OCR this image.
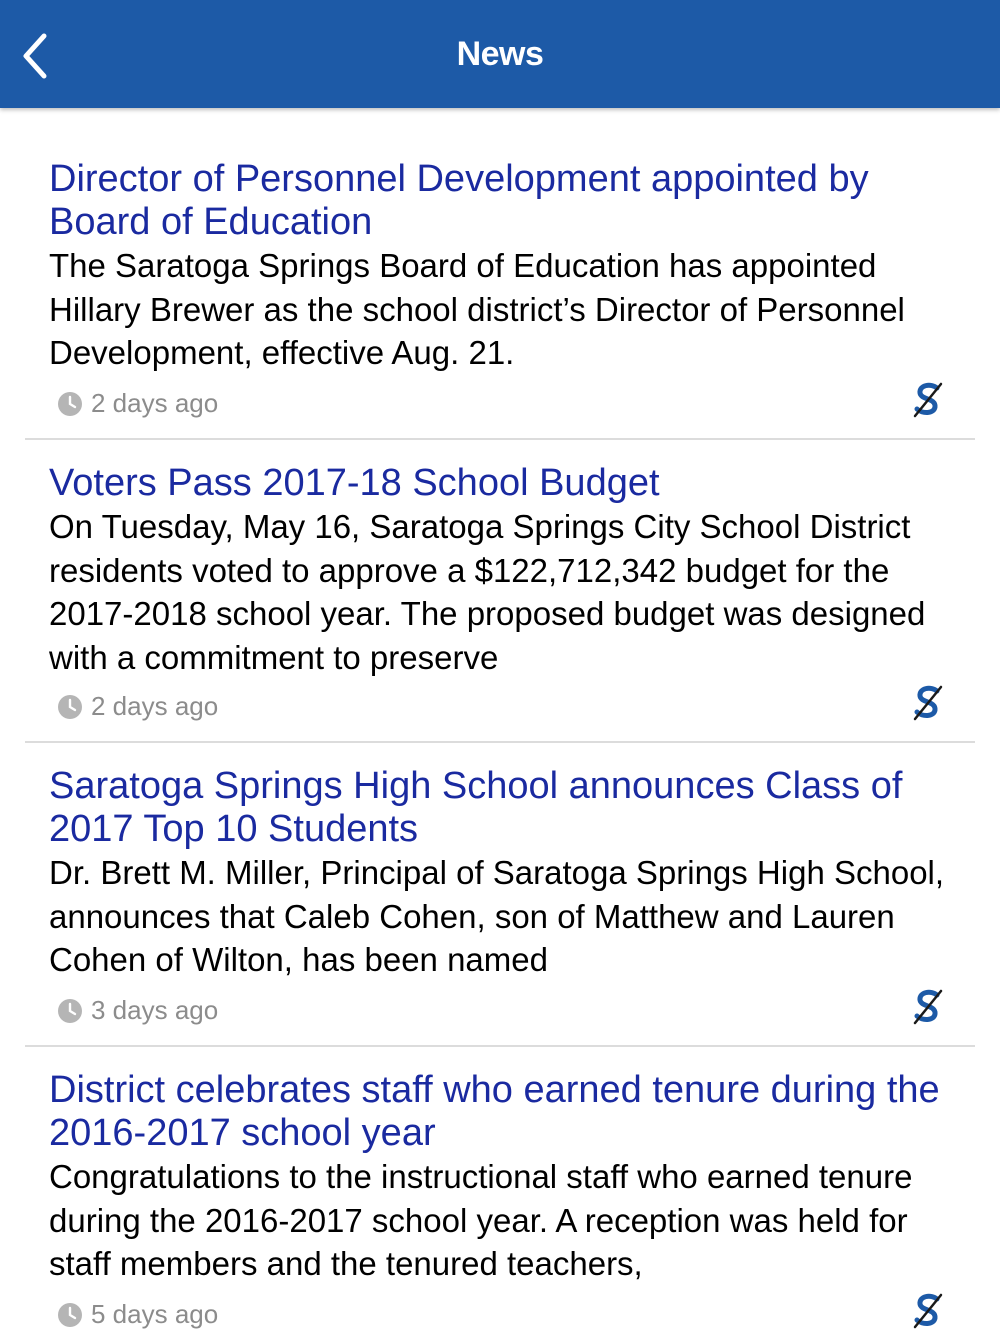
News
Director of Personnel Development appointed by Board of Education
The Saratoga Springs Board of Education has appointed Hillary Brewer as the school district’s Director of Personnel Development, effective Aug. 21.
2 days ago
Voters Pass 2017-18 School Budget
On Tuesday, May 16, Saratoga Springs City School District residents voted to approve a $122,712,342 budget for the 2017-2018 school year. The proposed budget was designed with a commitment to preserve
2 days ago
Saratoga Springs High School announces Class of 2017 Top 10 Students
Dr. Brett M. Miller, Principal of Saratoga Springs High School, announces that Caleb Cohen, son of Matthew and Lauren Cohen of Wilton, has been named
3 days ago
District celebrates staff who earned tenure during the 2016-2017 school year
Congratulations to the instructional staff who earned tenure during the 2016-2017 school year. A reception was held for staff members and the tenured teachers,
5 days ago
